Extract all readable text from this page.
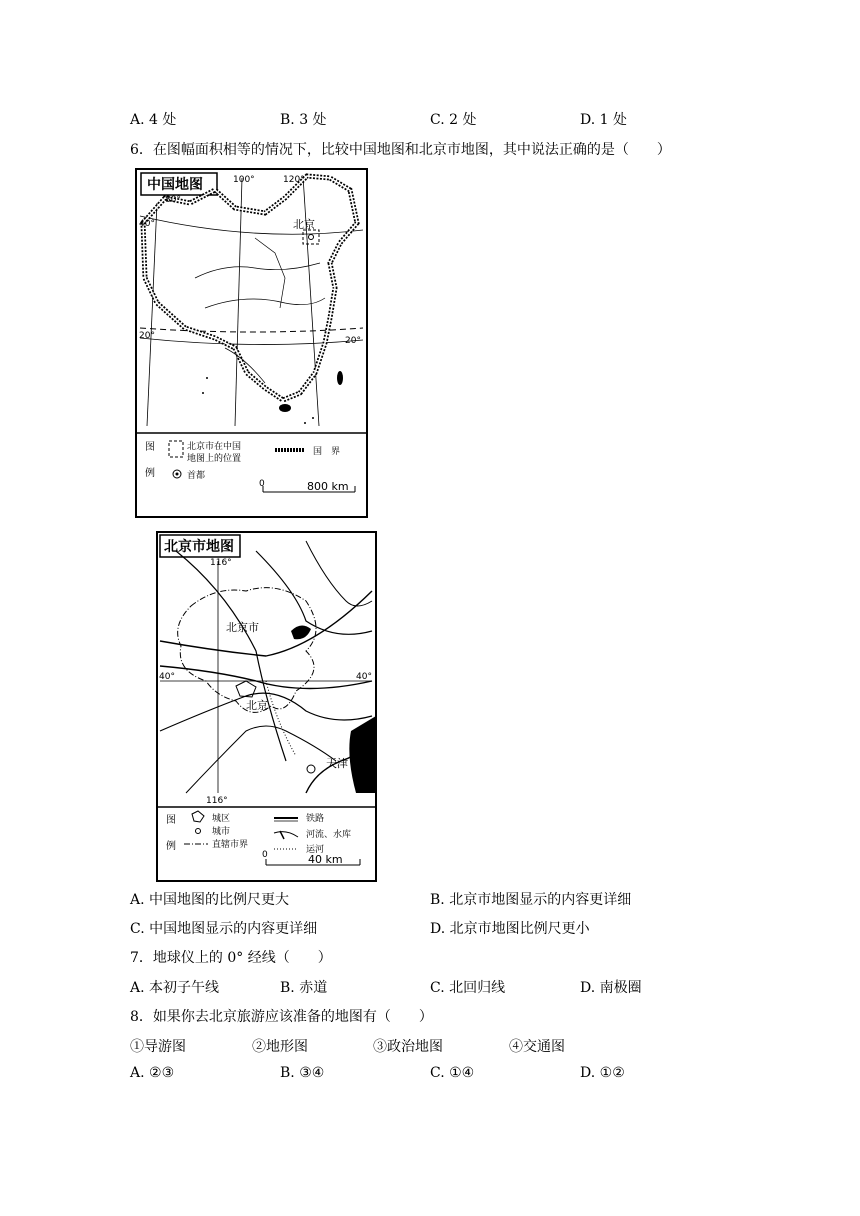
A. 4 处	B. 3 处	C. 2 处	D. 1 处
6．在图幅面积相等的情况下，比较中国地图和北京市地图，其中说法正确的是（　　）
中国地图
北京
80°
100°	120°
40°
20°	20°
图
例
北京市在中国
地图上的位置
国　界
首都
0	800 km
北京市地图
北京市
北京
天津
116°
116°
40°	40°
图
例
城区
城市
直辖市界
铁路
河流、水库
运河
0	40 km
A. 中国地图的比例尺更大	B. 北京市地图显示的内容更详细
C. 中国地图显示的内容更详细	D. 北京市地图比例尺更小
7．地球仪上的 0° 经线（　　）
A. 本初子午线	B. 赤道	C. 北回归线	D. 南极圈
8．如果你去北京旅游应该准备的地图有（　　）
①导游图	②地形图	③政治地图	④交通图
A. ②③	B. ③④	C. ①④	D. ①②
